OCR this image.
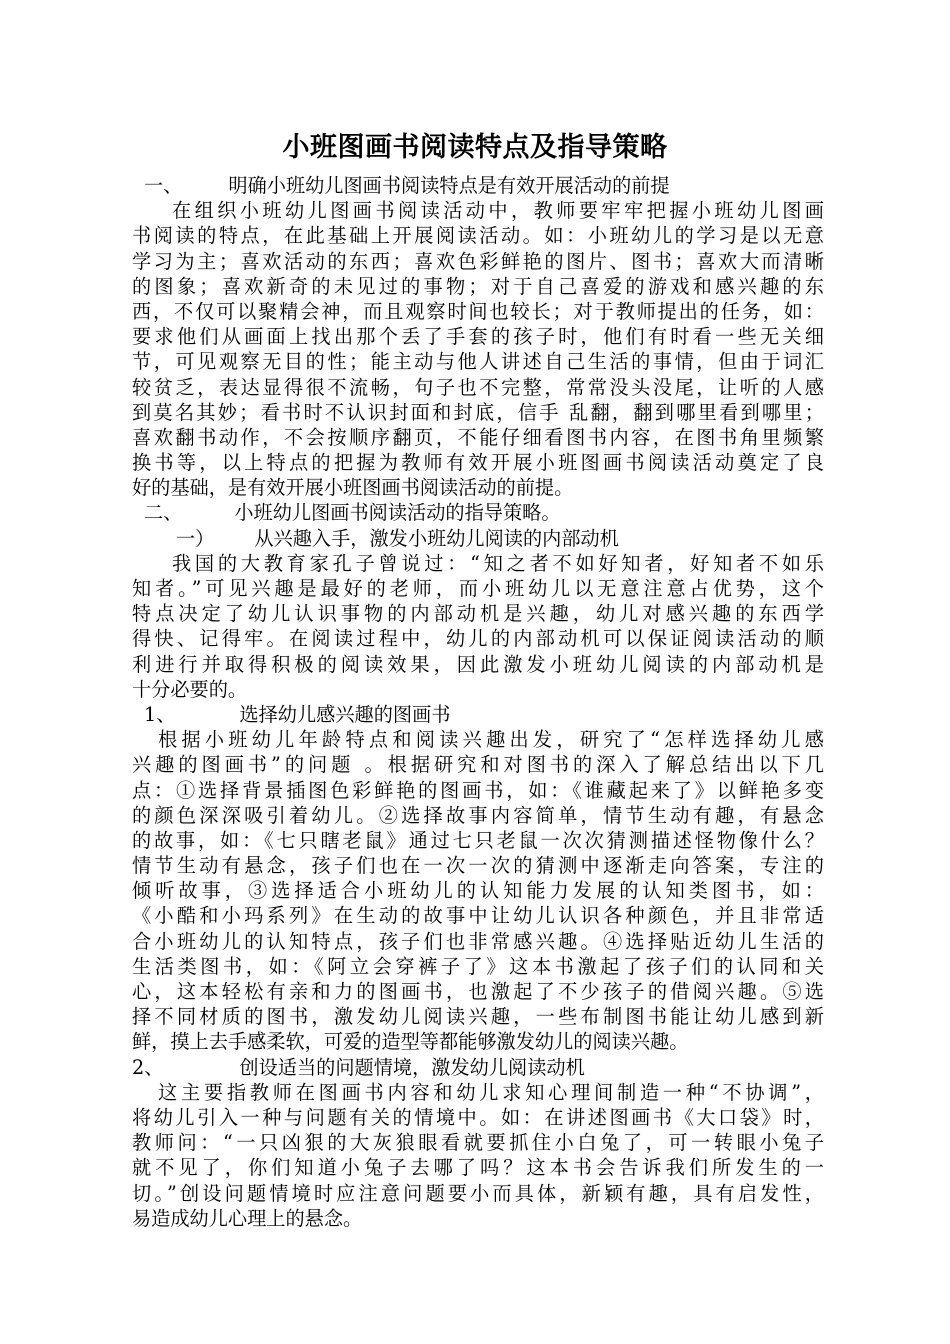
小班图画书阅读特点及指导策略
一、 明确小班幼儿图画书阅读特点是有效开展活动的前提
在组织小班幼儿图画书阅读活动中，教师要牢牢把握小班幼儿图画
书阅读的特点，在此基础上开展阅读活动。如：小班幼儿的学习是以无意
学习为主；喜欢活动的东西；喜欢色彩鲜艳的图片、图书；喜欢大而清晰
的图象；喜欢新奇的未见过的事物；对于自己喜爱的游戏和感兴趣的东
西，不仅可以聚精会神，而且观察时间也较长；对于教师提出的任务，如：
要求他们从画面上找出那个丢了手套的孩子时，他们有时看一些无关细
节，可见观察无目的性；能主动与他人讲述自己生活的事情，但由于词汇
较贫乏，表达显得很不流畅，句子也不完整，常常没头没尾，让听的人感
到莫名其妙；看书时不认识封面和封底，信手 乱翻，翻到哪里看到哪里；
喜欢翻书动作，不会按顺序翻页，不能仔细看图书内容，在图书角里频繁
换书等，以上特点的把握为教师有效开展小班图画书阅读活动奠定了良
好的基础，是有效开展小班图画书阅读活动的前提。
二、	小班幼儿图画书阅读活动的指导策略。
一） 从兴趣入手，激发小班幼儿阅读的内部动机
我国的大教育家孔子曾说过：“知之者不如好知者，好知者不如乐
知者。”可见兴趣是最好的老师，而小班幼儿以无意注意占优势，这个
特点决定了幼儿认识事物的内部动机是兴趣，幼儿对感兴趣的东西学
得快、记得牢。在阅读过程中，幼儿的内部动机可以保证阅读活动的顺
利进行并取得积极的阅读效果，因此激发小班幼儿阅读的内部动机是
十分必要的。
1、	选择幼儿感兴趣的图画书
根据小班幼儿年龄特点和阅读兴趣出发，研究了“怎样选择幼儿感
兴趣的图画书”的问题 。根据研究和对图书的深入了解总结出以下几
点：①选择背景插图色彩鲜艳的图画书，如：《谁藏起来了》以鲜艳多变
的颜色深深吸引着幼儿。②选择故事内容简单，情节生动有趣，有悬念
的故事，如：《七只瞎老鼠》通过七只老鼠一次次猜测描述怪物像什么？
情节生动有悬念，孩子们也在一次一次的猜测中逐渐走向答案，专注的
倾听故事，③选择适合小班幼儿的认知能力发展的认知类图书，如：
《小酷和小玛系列》在生动的故事中让幼儿认识各种颜色，并且非常适
合小班幼儿的认知特点，孩子们也非常感兴趣。④选择贴近幼儿生活的
生活类图书，如：《阿立会穿裤子了》这本书激起了孩子们的认同和关
心，这本轻松有亲和力的图画书，也激起了不少孩子的借阅兴趣。⑤选
择不同材质的图书，激发幼儿阅读兴趣，一些布制图书能让幼儿感到新
鲜，摸上去手感柔软，可爱的造型等都能够激发幼儿的阅读兴趣。
2、	创设适当的问题情境，激发幼儿阅读动机
这主要指教师在图画书内容和幼儿求知心理间制造一种“不协调”，
将幼儿引入一种与问题有关的情境中。如：在讲述图画书《大口袋》时，
教师问：“一只凶狠的大灰狼眼看就要抓住小白兔了，可一转眼小兔子
就不见了，你们知道小兔子去哪了吗？这本书会告诉我们所发生的一
切。”创设问题情境时应注意问题要小而具体，新颖有趣，具有启发性，
易造成幼儿心理上的悬念。
